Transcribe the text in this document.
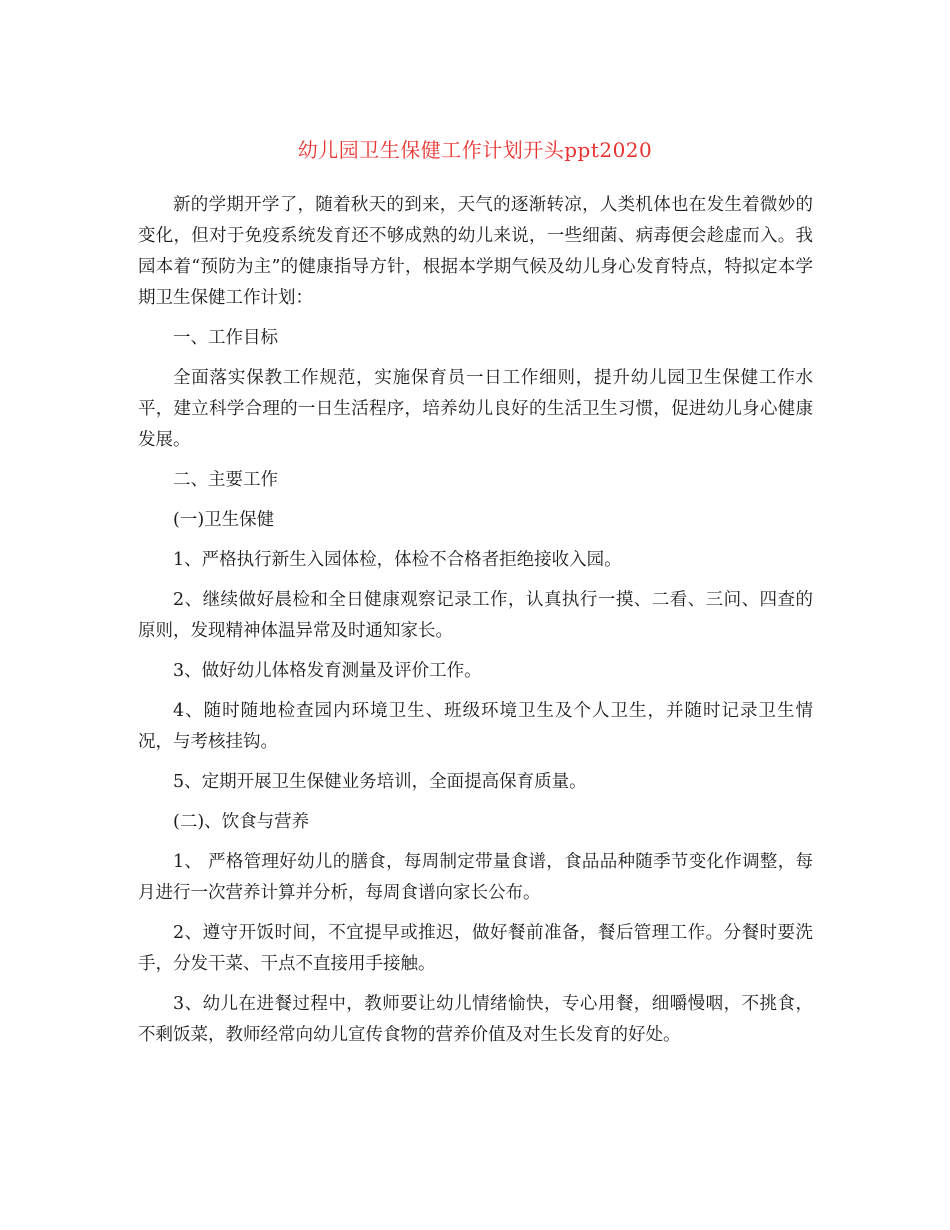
幼儿园卫生保健工作计划开头ppt2020

新的学期开学了，随着秋天的到来，天气的逐渐转凉，人类机体也在发生着微妙的变化，但对于免疫系统发育还不够成熟的幼儿来说，一些细菌、病毒便会趁虚而入。我园本着“预防为主”的健康指导方针，根据本学期气候及幼儿身心发育特点，特拟定本学期卫生保健工作计划：

一、工作目标

全面落实保教工作规范，实施保育员一日工作细则，提升幼儿园卫生保健工作水平，建立科学合理的一日生活程序，培养幼儿良好的生活卫生习惯，促进幼儿身心健康发展。

二、主要工作

(一)卫生保健

1、严格执行新生入园体检，体检不合格者拒绝接收入园。

2、继续做好晨检和全日健康观察记录工作，认真执行一摸、二看、三问、四查的原则，发现精神体温异常及时通知家长。

3、做好幼儿体格发育测量及评价工作。

4、随时随地检查园内环境卫生、班级环境卫生及个人卫生，并随时记录卫生情况，与考核挂钩。

5、定期开展卫生保健业务培训，全面提高保育质量。

(二)、饮食与营养

1、 严格管理好幼儿的膳食，每周制定带量食谱，食品品种随季节变化作调整，每月进行一次营养计算并分析，每周食谱向家长公布。

2、遵守开饭时间，不宜提早或推迟，做好餐前准备，餐后管理工作。分餐时要洗手，分发干菜、干点不直接用手接触。

3、幼儿在进餐过程中，教师要让幼儿情绪愉快，专心用餐，细嚼慢咽，不挑食，不剩饭菜，教师经常向幼儿宣传食物的营养价值及对生长发育的好处。
